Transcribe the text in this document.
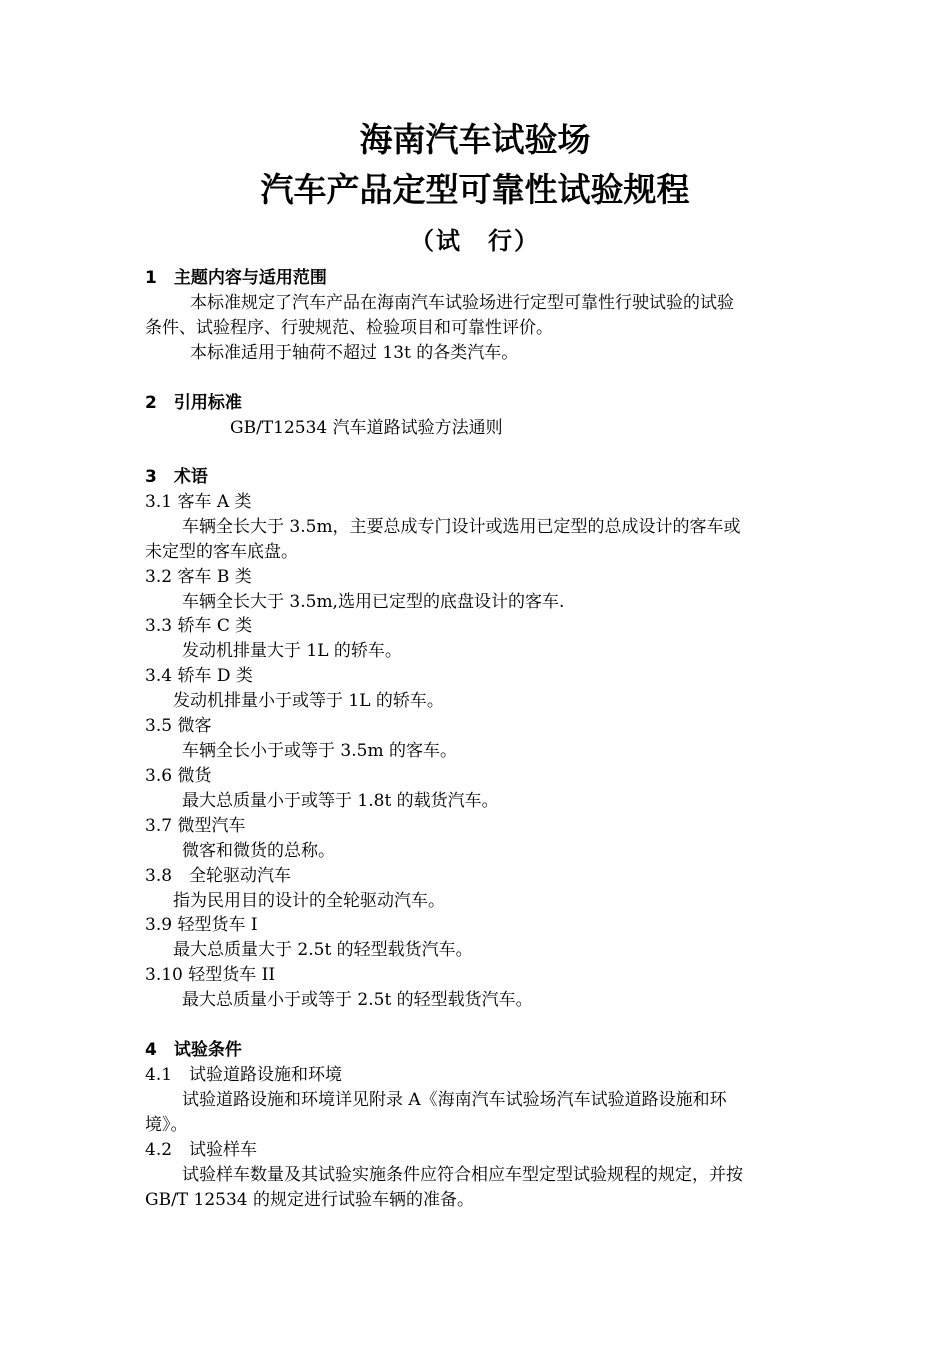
海南汽车试验场
汽车产品定型可靠性试验规程
（试　行）
1　主题内容与适用范围
本标准规定了汽车产品在海南汽车试验场进行定型可靠性行驶试验的试验
条件、试验程序、行驶规范、检验项目和可靠性评价。
本标准适用于轴荷不超过 13t 的各类汽车。
2　引用标准
GB/T12534 汽车道路试验方法通则
3　术语
3.1 客车 A 类
车辆全长大于 3.5m，主要总成专门设计或选用已定型的总成设计的客车或
未定型的客车底盘。
3.2 客车 B 类
车辆全长大于 3.5m,选用已定型的底盘设计的客车.
3.3 轿车 C 类
发动机排量大于 1L 的轿车。
3.4 轿车 D 类
发动机排量小于或等于 1L 的轿车。
3.5 微客
车辆全长小于或等于 3.5m 的客车。
3.6 微货
最大总质量小于或等于 1.8t 的载货汽车。
3.7 微型汽车
微客和微货的总称。
3.8　全轮驱动汽车
指为民用目的设计的全轮驱动汽车。
3.9 轻型货车 I
最大总质量大于 2.5t 的轻型载货汽车。
3.10 轻型货车 II
最大总质量小于或等于 2.5t 的轻型载货汽车。
4　试验条件
4.1　试验道路设施和环境
试验道路设施和环境详见附录 A《海南汽车试验场汽车试验道路设施和环
境》。
4.2　试验样车
试验样车数量及其试验实施条件应符合相应车型定型试验规程的规定，并按
GB/T 12534 的规定进行试验车辆的准备。
